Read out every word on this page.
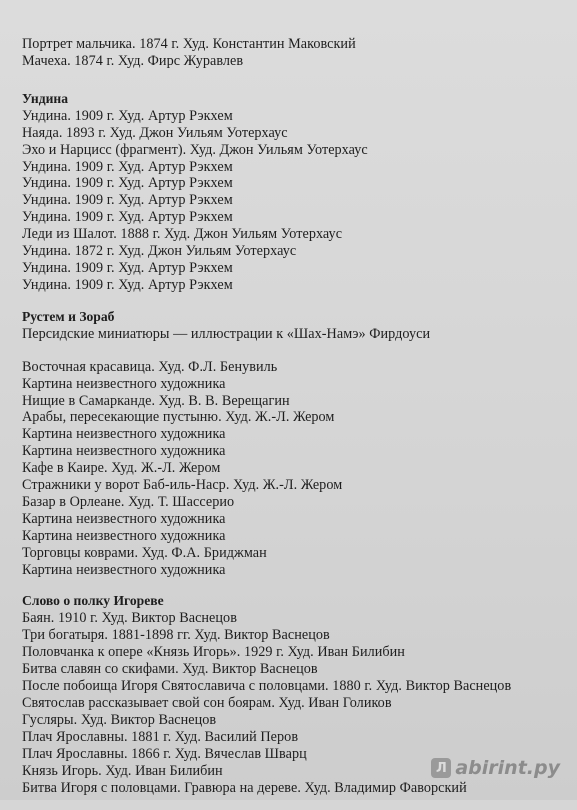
Портрет мальчика. 1874 г. Худ. Константин Маковский
Мачеха. 1874 г. Худ. Фирс Журавлев
Ундина
Ундина. 1909 г. Худ. Артур Рэкхем
Наяда. 1893 г. Худ. Джон Уильям Уотерхаус
Эхо и Нарцисс (фрагмент). Худ. Джон Уильям Уотерхаус
Ундина. 1909 г. Худ. Артур Рэкхем
Ундина. 1909 г. Худ. Артур Рэкхем
Ундина. 1909 г. Худ. Артур Рэкхем
Ундина. 1909 г. Худ. Артур Рэкхем
Леди из Шалот. 1888 г. Худ. Джон Уильям Уотерхаус
Ундина. 1872 г. Худ. Джон Уильям Уотерхаус
Ундина. 1909 г. Худ. Артур Рэкхем
Ундина. 1909 г. Худ. Артур Рэкхем
Рустем и Зораб
Персидские миниатюры — иллюстрации к «Шах-Намэ» Фирдоуси
Восточная красавица. Худ. Ф.Л. Бенувиль
Картина неизвестного художника
Нищие в Самарканде. Худ. В. В. Верещагин
Арабы, пересекающие пустыню. Худ. Ж.-Л. Жером
Картина неизвестного художника
Картина неизвестного художника
Кафе в Каире. Худ. Ж.-Л. Жером
Стражники у ворот Баб-иль-Наср. Худ. Ж.-Л. Жером
Базар в Орлеане. Худ. Т. Шассерио
Картина неизвестного художника
Картина неизвестного художника
Торговцы коврами. Худ. Ф.А. Бриджман
Картина неизвестного художника
Слово о полку Игореве
Баян. 1910 г. Худ. Виктор Васнецов
Три богатыря. 1881-1898 гг. Худ. Виктор Васнецов
Половчанка к опере «Князь Игорь». 1929 г. Худ. Иван Билибин
Битва славян со скифами. Худ. Виктор Васнецов
После побоища Игоря Святославича с половцами. 1880 г. Худ. Виктор Васнецов
Святослав рассказывает свой сон боярам. Худ. Иван Голиков
Гусляры. Худ. Виктор Васнецов
Плач Ярославны. 1881 г. Худ. Василий Перов
Плач Ярославны. 1866 г. Худ. Вячеслав Шварц
Князь Игорь. Худ. Иван Билибин
Битва Игоря с половцами. Гравюра на дереве. Худ. Владимир Фаворский
Л abirint.ру
